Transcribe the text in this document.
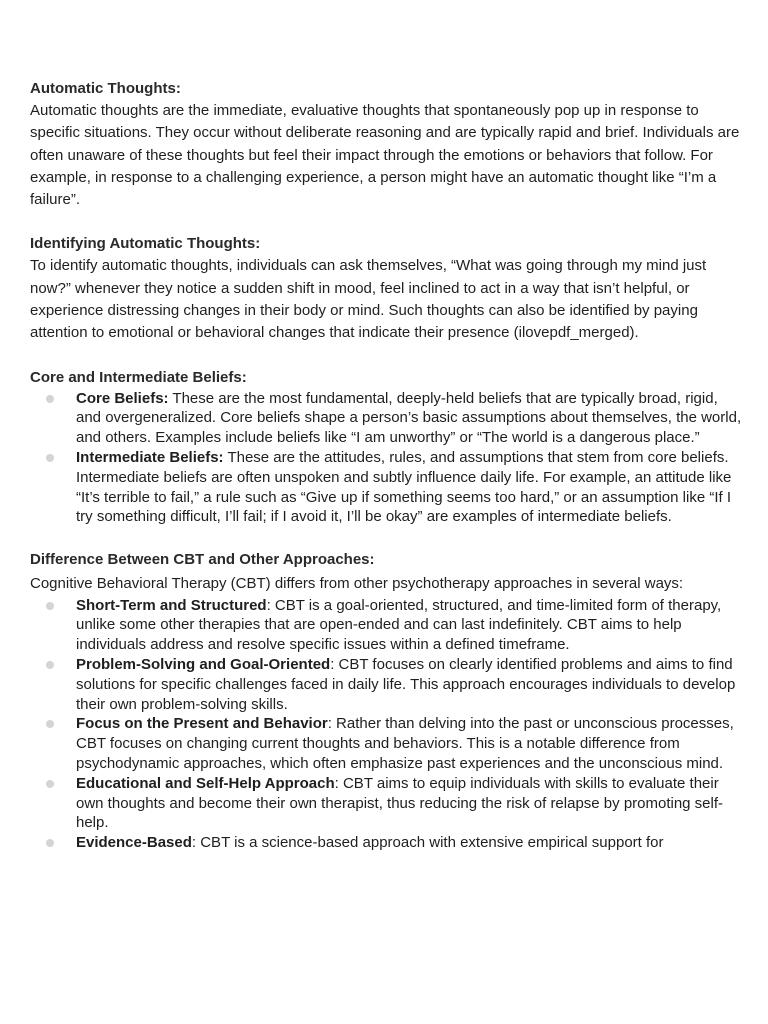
Automatic Thoughts:

Automatic thoughts are the immediate, evaluative thoughts that spontaneously pop up in response to specific situations. They occur without deliberate reasoning and are typically rapid and brief. Individuals are often unaware of these thoughts but feel their impact through the emotions or behaviors that follow. For example, in response to a challenging experience, a person might have an automatic thought like “I’m a failure”.

Identifying Automatic Thoughts:

To identify automatic thoughts, individuals can ask themselves, “What was going through my mind just now?” whenever they notice a sudden shift in mood, feel inclined to act in a way that isn’t helpful, or experience distressing changes in their body or mind. Such thoughts can also be identified by paying attention to emotional or behavioral changes that indicate their presence (ilovepdf_merged).

Core and Intermediate Beliefs:

Core Beliefs: These are the most fundamental, deeply-held beliefs that are typically broad, rigid, and overgeneralized. Core beliefs shape a person’s basic assumptions about themselves, the world, and others. Examples include beliefs like “I am unworthy” or “The world is a dangerous place.”
Intermediate Beliefs: These are the attitudes, rules, and assumptions that stem from core beliefs. Intermediate beliefs are often unspoken and subtly influence daily life. For example, an attitude like “It’s terrible to fail,” a rule such as “Give up if something seems too hard,” or an assumption like “If I try something difficult, I’ll fail; if I avoid it, I’ll be okay” are examples of intermediate beliefs.

Difference Between CBT and Other Approaches:

Cognitive Behavioral Therapy (CBT) differs from other psychotherapy approaches in several ways:

Short-Term and Structured: CBT is a goal-oriented, structured, and time-limited form of therapy, unlike some other therapies that are open-ended and can last indefinitely. CBT aims to help individuals address and resolve specific issues within a defined timeframe.
Problem-Solving and Goal-Oriented: CBT focuses on clearly identified problems and aims to find solutions for specific challenges faced in daily life. This approach encourages individuals to develop their own problem-solving skills.
Focus on the Present and Behavior: Rather than delving into the past or unconscious processes, CBT focuses on changing current thoughts and behaviors. This is a notable difference from psychodynamic approaches, which often emphasize past experiences and the unconscious mind.
Educational and Self-Help Approach: CBT aims to equip individuals with skills to evaluate their own thoughts and become their own therapist, thus reducing the risk of relapse by promoting self-help.
Evidence-Based: CBT is a science-based approach with extensive empirical support for
